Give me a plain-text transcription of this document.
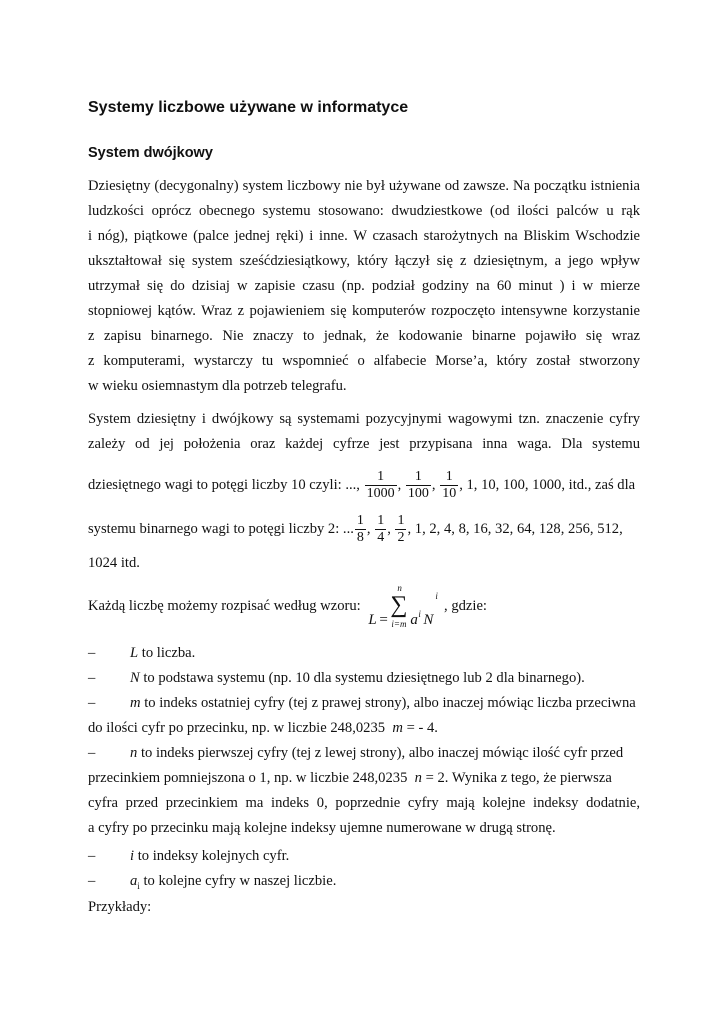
Systemy liczbowe używane w informatyce
System dwójkowy
Dziesiętny (decygonalny) system liczbowy nie był używane od zawsze. Na początku istnienia
ludzkości oprócz obecnego systemu stosowano: dwudziestkowe (od ilości palców u rąk
i nóg), piątkowe (palce jednej ręki) i inne. W czasach starożytnych na Bliskim Wschodzie
ukształtował się system sześćdziesiątkowy, który łączył się z dziesiętnym, a jego wpływ
utrzymał się do dzisiaj w zapisie czasu (np. podział godziny na 60 minut ) i w mierze
stopniowej kątów. Wraz z pojawieniem się komputerów rozpoczęto intensywne korzystanie
z zapisu binarnego. Nie znaczy to jednak, że kodowanie binarne pojawiło się wraz
z komputerami, wystarczy tu wspomnieć o alfabecie Morse’a, który został stworzony
w wieku osiemnastym dla potrzeb telegrafu.
System dziesiętny i dwójkowy są systemami pozycyjnymi wagowymi tzn. znaczenie cyfry
zależy od jej położenia oraz każdej cyfrze jest przypisana inna waga. Dla systemu
dziesiętnego wagi to potęgi liczby 10 czyli: ..., $\frac{1}{1000}$ , $\frac{1}{100}$ , $\frac{1}{10}$ , 1, 10, 100, 1000, itd., zaś dla
systemu binarnego wagi to potęgi liczby 2: ... $\frac{1}{8}$ , $\frac{1}{4}$ , $\frac{1}{2}$ , 1, 2, 4, 8, 16, 32, 64, 128, 256, 512,
1024 itd.
Każdą liczbę możemy rozpisać według wzoru:
L =
∑
n
i=m a i N
i
, gdzie:
–	L to liczba.
–	N to podstawa systemu (np. 10 dla systemu dziesiętnego lub 2 dla binarnego).
–	m to indeks ostatniej cyfry (tej z prawej strony), albo inaczej mówiąc liczba przeciwna
do ilości cyfr po przecinku, np. w liczbie 248,0235 m = - 4.
–	n to indeks pierwszej cyfry (tej z lewej strony), albo inaczej mówiąc ilość cyfr przed
przecinkiem pomniejszona o 1, np. w liczbie 248,0235 n = 2. Wynika z tego, że pierwsza
cyfra przed przecinkiem ma indeks 0, poprzednie cyfry mają kolejne indeksy dodatnie,
a cyfry po przecinku mają kolejne indeksy ujemne numerowane w drugą stronę.
–	i to indeksy kolejnych cyfr.
–	$a_i$ to kolejne cyfry w naszej liczbie.
Przykłady:
